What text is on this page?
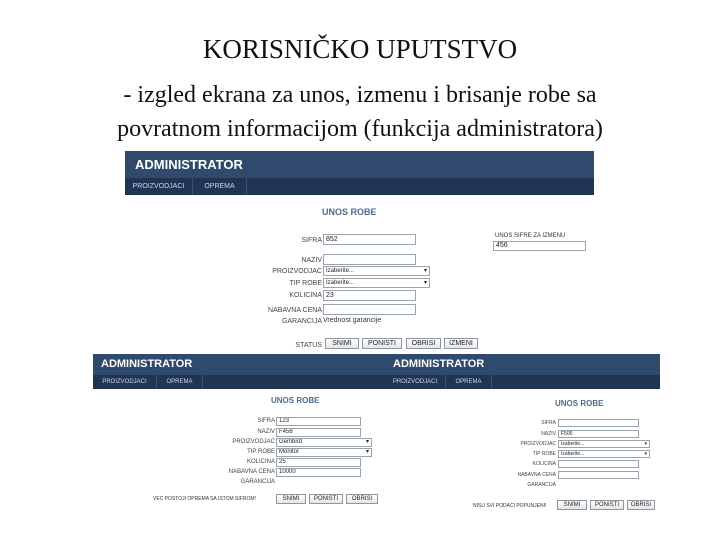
KORISNIČKO UPUTSTVO
- izgled ekrana za unos, izmenu i brisanje robe sa
povratnom informacijom (funkcija administratora)
ADMINISTRATOR
PROIZVODJACI	OPREMA
UNOS ROBE
SIFRA 852
NAZIV
PROIZVODJAC Izaberite...	▾
TIP ROBE Izaberite...	▾
KOLICINA 23
NABAVNA CENA
GARANCIJA Vrednost garancije
STATUS	SNIMI	PONISTI	OBRISI	IZMENI
UNOS SIFRE ZA IZMENU
456
ADMINISTRATOR
PROIZVODJACI	OPREMA
UNOS ROBE
SIFRA 123
NAZIV F456
PROIZVODJAC Gembird	▾
TIP ROBE Monitor	▾
KOLICINA 25
NABAVNA CENA 10000
GARANCIJA
VEC POSTOJI OPREMA SA ISTOM SIFROM!	SNIMI	PONISTI	OBRISI
ADMINISTRATOR
PROIZVODJACI	OPREMA
UNOS ROBE
SIFRA
NAZIV	F500
PROIZVODJAC	Izaberite...	▾
TIP ROBE	Izaberite...	▾
KOLICINA
NABAVNA CENA
GARANCIJA
NISU SVI PODACI POPUNJENI!	SNIMI	PONISTI	OBRISI
